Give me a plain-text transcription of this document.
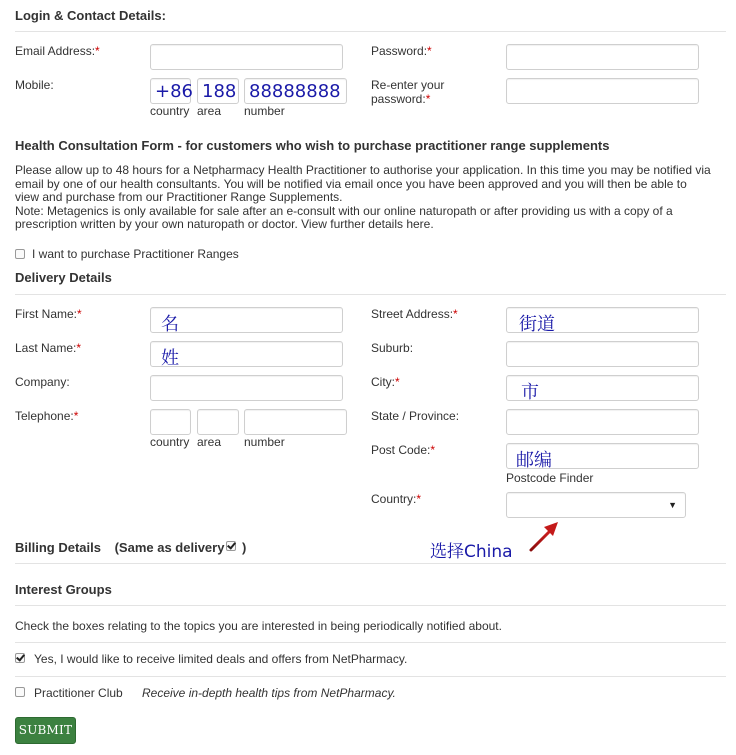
Login & Contact Details:
Email Address:*	Password:*
Mobile:	+86 188 88888888
country area number
Re-enter your
password:*
Health Consultation Form - for customers who wish to purchase practitioner range supplements
Please allow up to 48 hours for a Netpharmacy Health Practitioner to authorise your application. In this time you may be notified via
email by one of our health consultants. You will be notified via email once you have been approved and you will then be able to
view and purchase from our Practitioner Range Supplements.
Note: Metagenics is only available for sale after an e-consult with our online naturopath or after providing us with a copy of a
prescription written by your own naturopath or doctor. View further details here.
I want to purchase Practitioner Ranges
Delivery Details
First Name:*	名
Last Name:*	姓
Company:
Telephone:*
country area number
Street Address:*	街道
Suburb:
City:*	市
State / Province:
Post Code:*	邮编
Postcode Finder
Country:*	▼
选择China
Billing Details (Same as delivery )
Interest Groups
Check the boxes relating to the topics you are interested in being periodically notified about.
Yes, I would like to receive limited deals and offers from NetPharmacy.
Practitioner Club Receive in-depth health tips from NetPharmacy.
SUBMIT
